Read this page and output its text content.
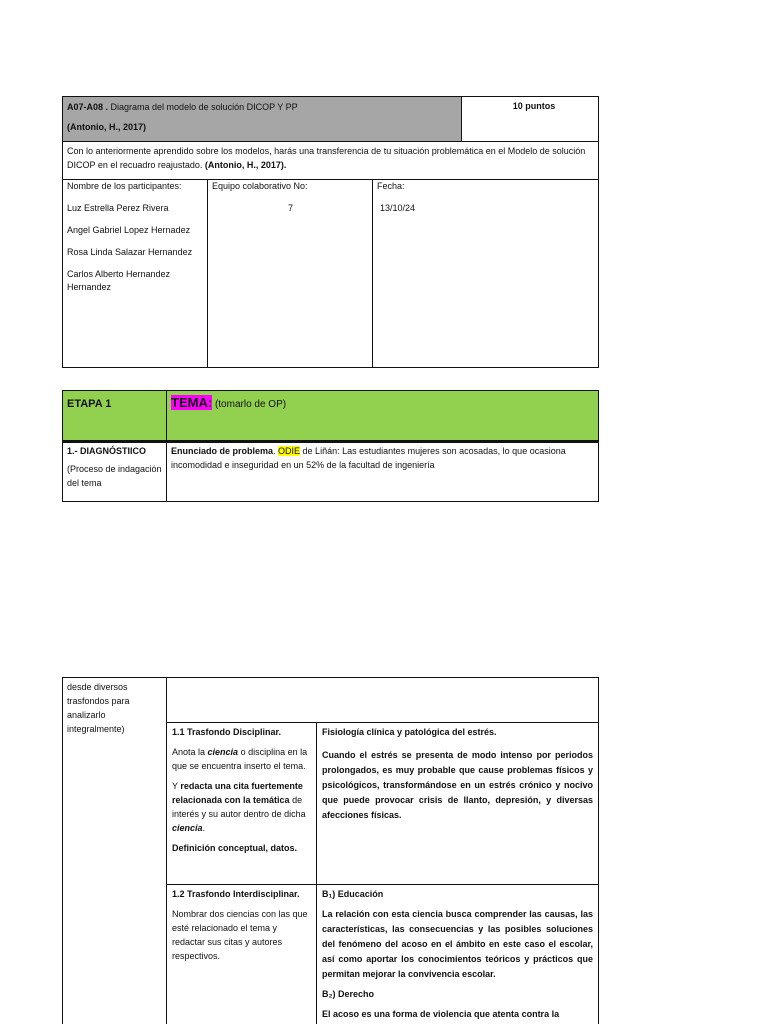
A07-A08 . Diagrama del modelo de solución DICOP Y PP
(Antonio, H., 2017)
10 puntos
Con lo anteriormente aprendido sobre los modelos, harás una transferencia de tu situación problemática en el Modelo de solución DICOP en el recuadro reajustado. (Antonio, H., 2017).
Nombre de los participantes:
Luz Estrella Perez Rivera
Angel Gabriel Lopez Hernadez
Rosa Linda Salazar Hernandez
Carlos Alberto Hernandez Hernandez
Equipo colaborativo No:
7
Fecha:
13/10/24
ETAPA 1	TEMA: (tomarlo de OP)
1.- DIAGNÓSTIICO
(Proceso de indagación del tema
Enunciado de problema. ODIE de Liñán: Las estudiantes mujeres son acosadas, lo que ocasiona incomodidad e inseguridad en un 52% de la facultad de ingeniería
desde diversos trasfondos para analizarlo integralmente)	1.1 Trasfondo Disciplinar.

Anota la ciencia o disciplina en la que se encuentra inserto el tema.

Y redacta una cita fuertemente relacionada con la temática de interés y su autor dentro de dicha ciencia.

Definición conceptual, datos.

Fisiología clínica y patológica del estrés.

Cuando el estrés se presenta de modo intenso por periodos prolongados, es muy probable que cause problemas físicos y psicológicos, transformándose en un estrés crónico y nocivo que puede provocar crisis de llanto, depresión, y diversas afecciones físicas.

1.2 Trasfondo Interdisciplinar.

Nombrar dos ciencias con las que esté relacionado el tema y redactar sus citas y autores respectivos.

B₁) Educación

La relación con esta ciencia busca comprender las causas, las características, las consecuencias y las posibles soluciones del fenómeno del acoso en el ámbito en este caso el escolar, así como aportar los conocimientos teóricos y prácticos que permitan mejorar la convivencia escolar.

B₂) Derecho

El acoso es una forma de violencia que atenta contra la
